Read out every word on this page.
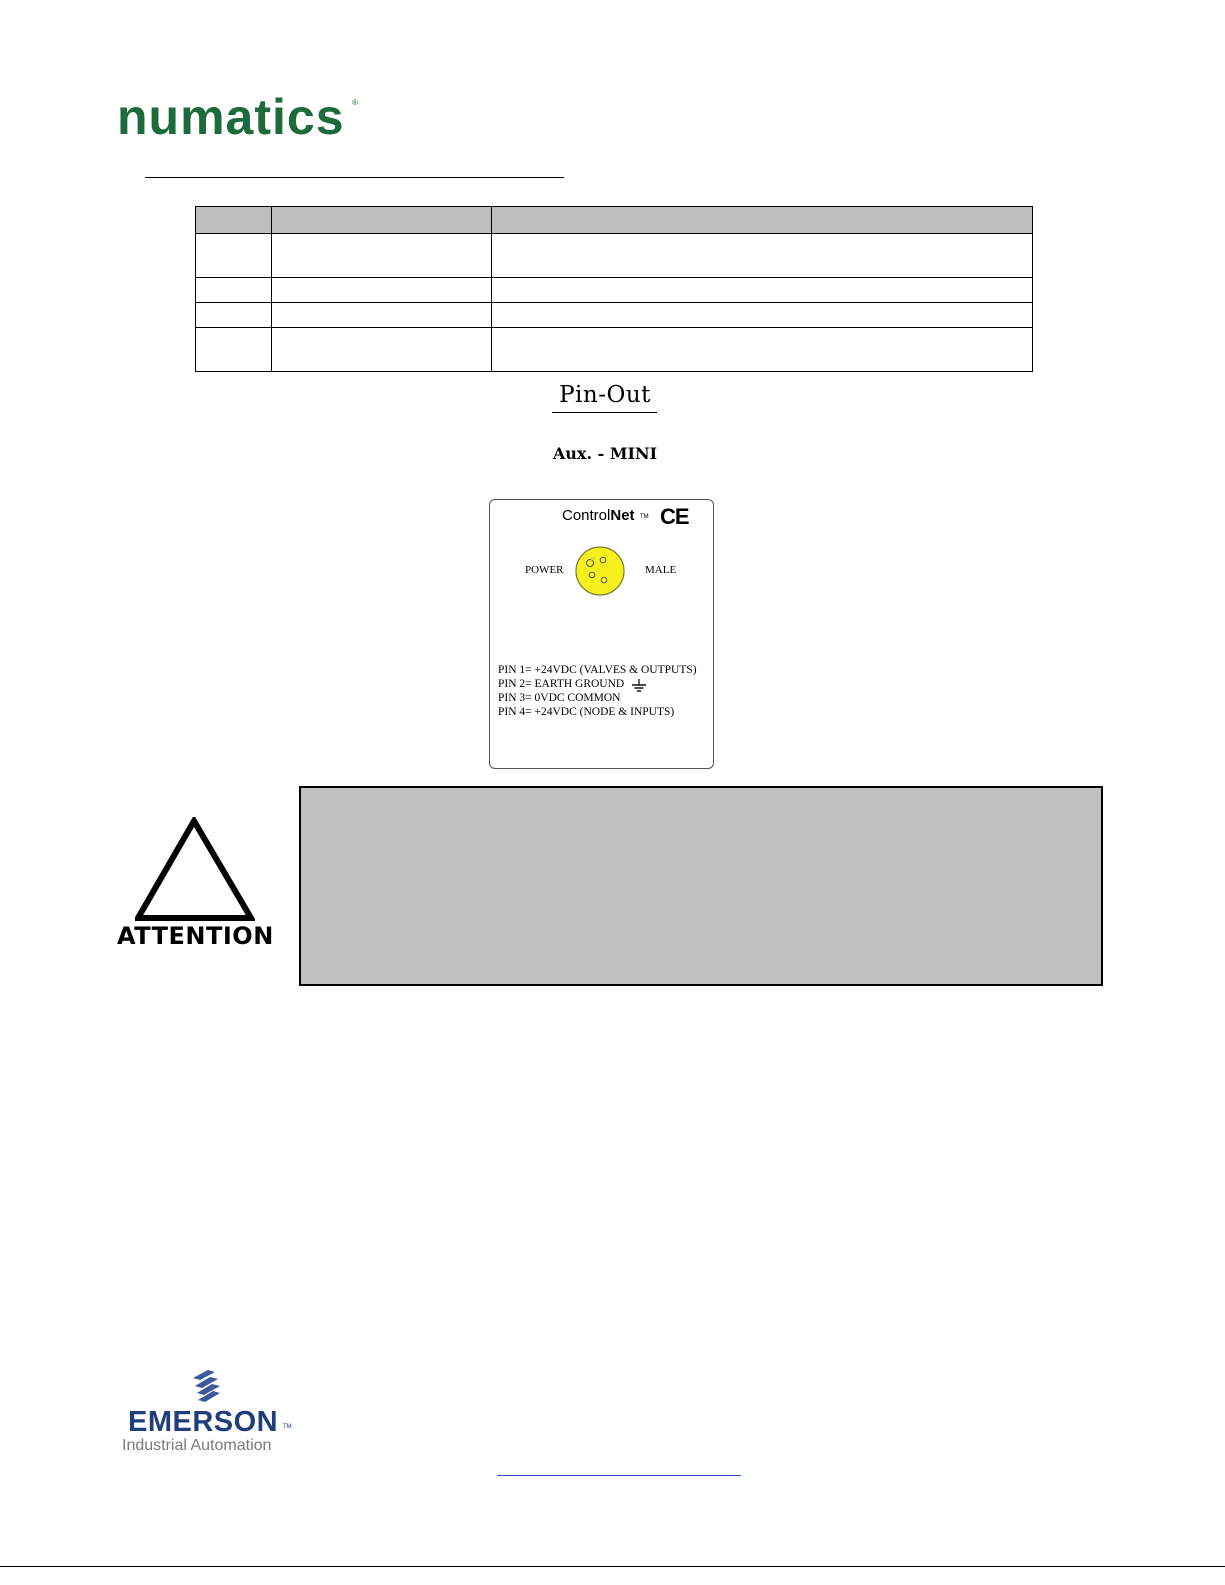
numatics ®

Pin-Out
Aux. - MINI
ControlNet TM CE
POWER	MALE
PIN 1= +24VDC (VALVES & OUTPUTS)
PIN 2= EARTH GROUND
PIN 3= 0VDC COMMON
PIN 4= +24VDC (NODE & INPUTS)
ATTENTION
EMERSON TM
Industrial Automation
